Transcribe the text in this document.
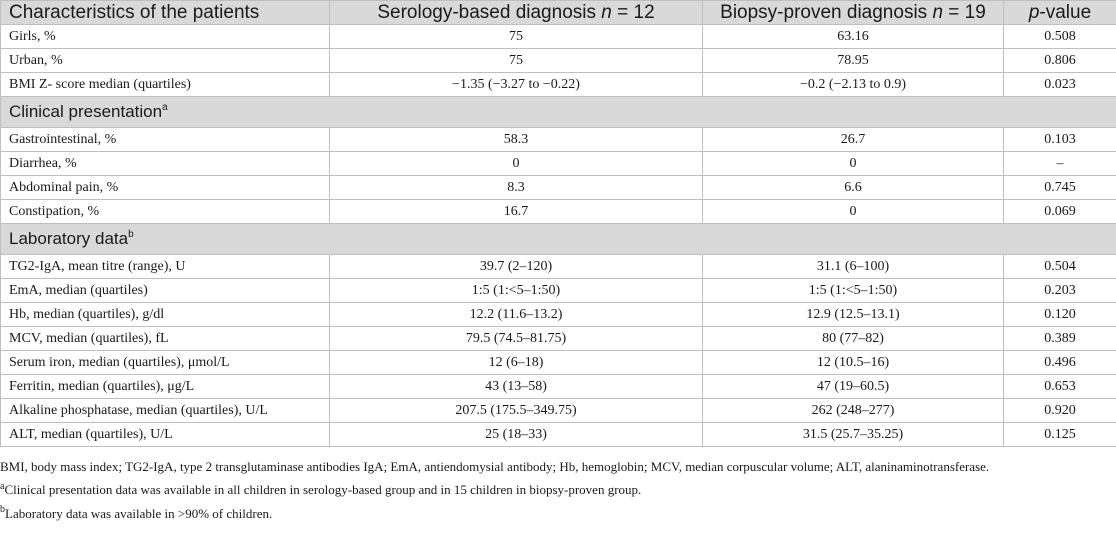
Characteristics of the patients	Serology-based diagnosis n = 12	Biopsy-proven diagnosis n = 19	p-value
Girls, %	75	63.16	0.508
Urban, %	75	78.95	0.806
BMI Z- score median (quartiles)	−1.35 (−3.27 to −0.22)	−0.2 (−2.13 to 0.9)	0.023
Clinical presentation$^a$
Gastrointestinal, %	58.3	26.7	0.103
Diarrhea, %	0	0	–
Abdominal pain, %	8.3	6.6	0.745
Constipation, %	16.7	0	0.069
Laboratory data$^b$
TG2-IgA, mean titre (range), U	39.7 (2–120)	31.1 (6–100)	0.504
EmA, median (quartiles)	1:5 (1:<5–1:50)	1:5 (1:<5–1:50)	0.203
Hb, median (quartiles), g/dl	12.2 (11.6–13.2)	12.9 (12.5–13.1)	0.120
MCV, median (quartiles), fL	79.5 (74.5–81.75)	80 (77–82)	0.389
Serum iron, median (quartiles), μmol/L	12 (6–18)	12 (10.5–16)	0.496
Ferritin, median (quartiles), μg/L	43 (13–58)	47 (19–60.5)	0.653
Alkaline phosphatase, median (quartiles), U/L	207.5 (175.5–349.75)	262 (248–277)	0.920
ALT, median (quartiles), U/L	25 (18–33)	31.5 (25.7–35.25)	0.125

BMI, body mass index; TG2-IgA, type 2 transglutaminase antibodies IgA; EmA, antiendomysial antibody; Hb, hemoglobin; MCV, median corpuscular volume; ALT, alaninaminotransferase.

$^a$Clinical presentation data was available in all children in serology-based group and in 15 children in biopsy-proven group.

$^b$Laboratory data was available in >90% of children.
